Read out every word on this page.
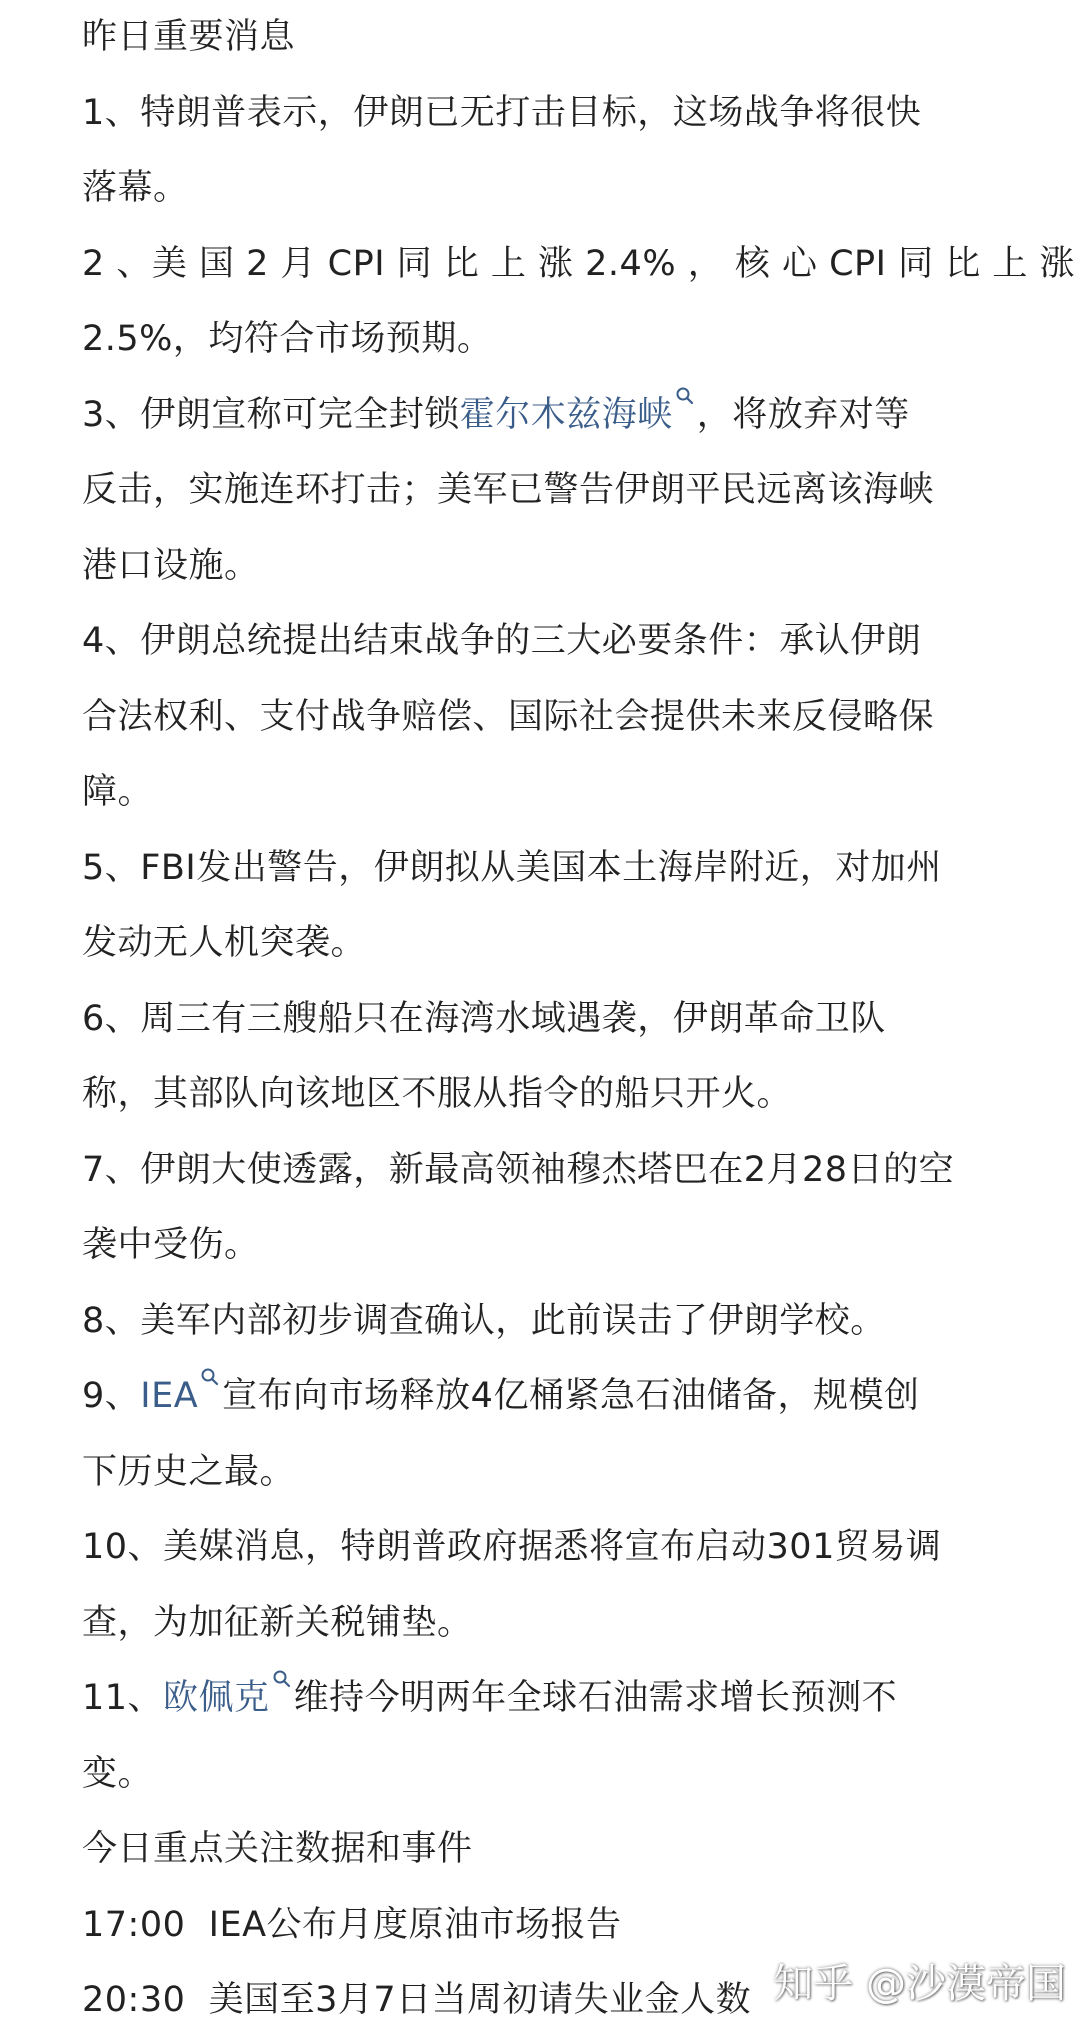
昨日重要消息
1、特朗普表示，伊朗已无打击目标，这场战争将很快
落幕。
2 、美 国 2 月 CPI 同 比 上 涨 2.4% ， 核 心 CPI 同 比 上 涨
2.5%，均符合市场预期。
3、伊朗宣称可完全封锁霍尔木兹海峡 ，将放弃对等
反击，实施连环打击；美军已警告伊朗平民远离该海峡
港口设施。
4、伊朗总统提出结束战争的三大必要条件：承认伊朗
合法权利、支付战争赔偿、国际社会提供未来反侵略保
障。
5、FBI发出警告，伊朗拟从美国本土海岸附近，对加州
发动无人机突袭。
6、周三有三艘船只在海湾水域遇袭，伊朗革命卫队
称，其部队向该地区不服从指令的船只开火。
7、伊朗大使透露，新最高领袖穆杰塔巴在2月28日的空
袭中受伤。
8、美军内部初步调查确认，此前误击了伊朗学校。
9、IEA 宣布向市场释放4亿桶紧急石油储备，规模创
下历史之最。
10、美媒消息，特朗普政府据悉将宣布启动301贸易调
查，为加征新关税铺垫。
11、欧佩克 维持今明两年全球石油需求增长预测不
变。
今日重点关注数据和事件
17:00 IEA公布月度原油市场报告
20:30 美国至3月7日当周初请失业金人数 知乎 @沙漠帝国
